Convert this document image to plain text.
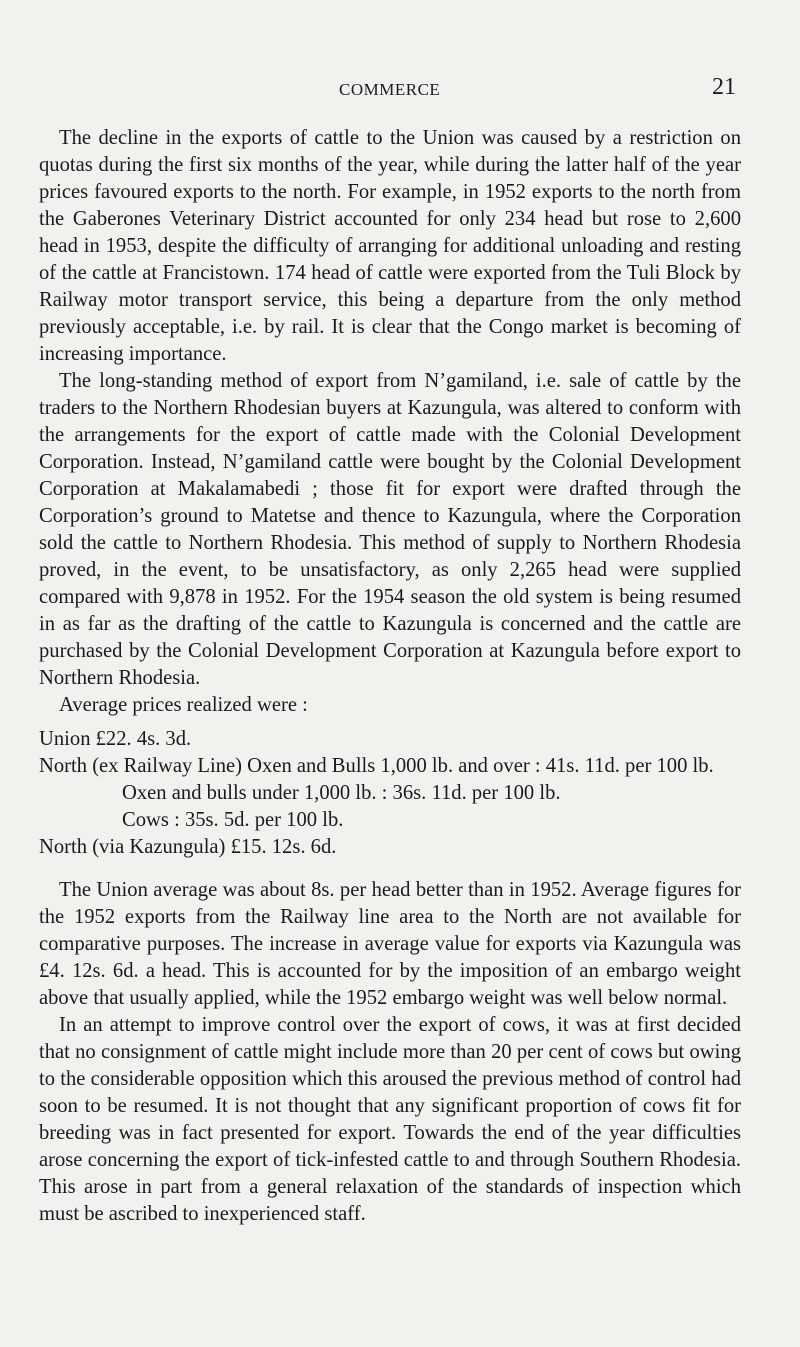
COMMERCE	21

The decline in the exports of cattle to the Union was caused by a restriction on quotas during the first six months of the year, while during the latter half of the year prices favoured exports to the north. For example, in 1952 exports to the north from the Gaberones Veterinary District accounted for only 234 head but rose to 2,600 head in 1953, despite the difficulty of arranging for additional unloading and resting of the cattle at Francistown. 174 head of cattle were exported from the Tuli Block by Railway motor transport service, this being a departure from the only method previously acceptable, i.e. by rail. It is clear that the Congo market is becoming of increasing importance.

The long-standing method of export from N’gamiland, i.e. sale of cattle by the traders to the Northern Rhodesian buyers at Kazungula, was altered to conform with the arrangements for the export of cattle made with the Colonial Development Corporation. Instead, N’gamiland cattle were bought by the Colonial Development Corporation at Makalamabedi ; those fit for export were drafted through the Corporation’s ground to Matetse and thence to Kazungula, where the Corporation sold the cattle to Northern Rhodesia. This method of supply to Northern Rhodesia proved, in the event, to be unsatisfactory, as only 2,265 head were supplied compared with 9,878 in 1952. For the 1954 season the old system is being resumed in as far as the drafting of the cattle to Kazungula is concerned and the cattle are purchased by the Colonial Development Corporation at Kazungula before export to Northern Rhodesia.

Average prices realized were :

Union £22. 4s. 3d.

North (ex Railway Line) Oxen and Bulls 1,000 lb. and over : 41s. 11d. per 100 lb.

Oxen and bulls under 1,000 lb. : 36s. 11d. per 100 lb.

Cows : 35s. 5d. per 100 lb.

North (via Kazungula) £15. 12s. 6d.

The Union average was about 8s. per head better than in 1952. Average figures for the 1952 exports from the Railway line area to the North are not available for comparative purposes. The increase in average value for exports via Kazungula was £4. 12s. 6d. a head. This is accounted for by the imposition of an embargo weight above that usually applied, while the 1952 embargo weight was well below normal.

In an attempt to improve control over the export of cows, it was at first decided that no consignment of cattle might include more than 20 per cent of cows but owing to the considerable opposition which this aroused the previous method of control had soon to be resumed. It is not thought that any significant proportion of cows fit for breeding was in fact presented for export. Towards the end of the year difficulties arose concerning the export of tick-infested cattle to and through Southern Rhodesia. This arose in part from a general relaxation of the standards of inspection which must be ascribed to inexperienced staff.
